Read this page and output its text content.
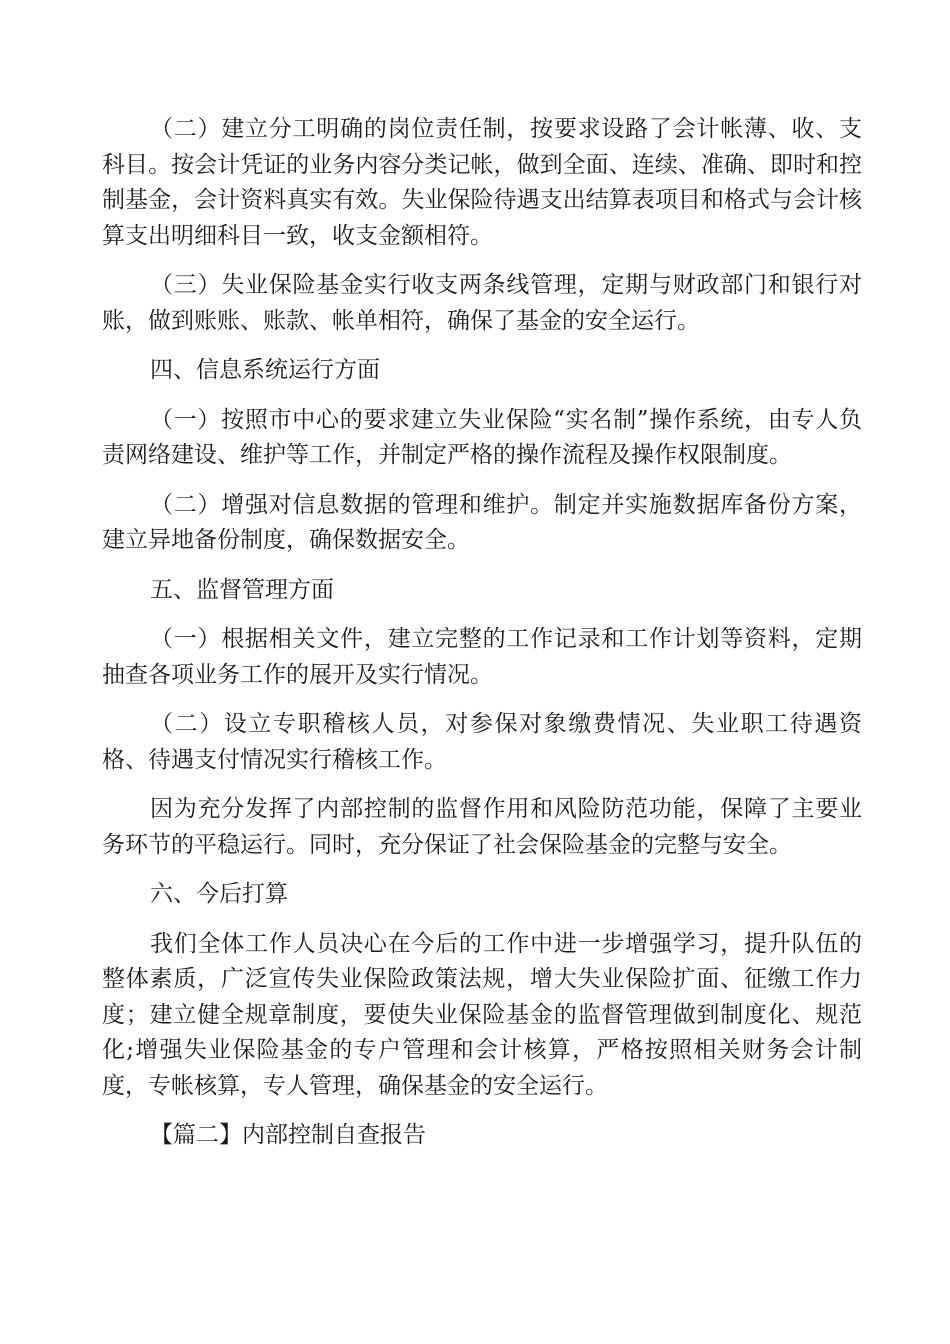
（二）建立分工明确的岗位责任制，按要求设路了会计帐薄、收、支科目。按会计凭证的业务内容分类记帐，做到全面、连续、准确、即时和控制基金，会计资料真实有效。失业保险待遇支出结算表项目和格式与会计核算支出明细科目一致，收支金额相符。

（三）失业保险基金实行收支两条线管理，定期与财政部门和银行对账，做到账账、账款、帐单相符，确保了基金的安全运行。

四、信息系统运行方面

（一）按照市中心的要求建立失业保险“实名制”操作系统，由专人负责网络建设、维护等工作，并制定严格的操作流程及操作权限制度。

（二）增强对信息数据的管理和维护。制定并实施数据库备份方案，建立异地备份制度，确保数据安全。

五、监督管理方面

（一）根据相关文件，建立完整的工作记录和工作计划等资料，定期抽查各项业务工作的展开及实行情况。

（二）设立专职稽核人员，对参保对象缴费情况、失业职工待遇资格、待遇支付情况实行稽核工作。

因为充分发挥了内部控制的监督作用和风险防范功能，保障了主要业务环节的平稳运行。同时，充分保证了社会保险基金的完整与安全。

六、今后打算

我们全体工作人员决心在今后的工作中进一步增强学习，提升队伍的整体素质，广泛宣传失业保险政策法规，增大失业保险扩面、征缴工作力度；建立健全规章制度，要使失业保险基金的监督管理做到制度化、规范化;增强失业保险基金的专户管理和会计核算，严格按照相关财务会计制度，专帐核算，专人管理，确保基金的安全运行。

【篇二】内部控制自查报告
